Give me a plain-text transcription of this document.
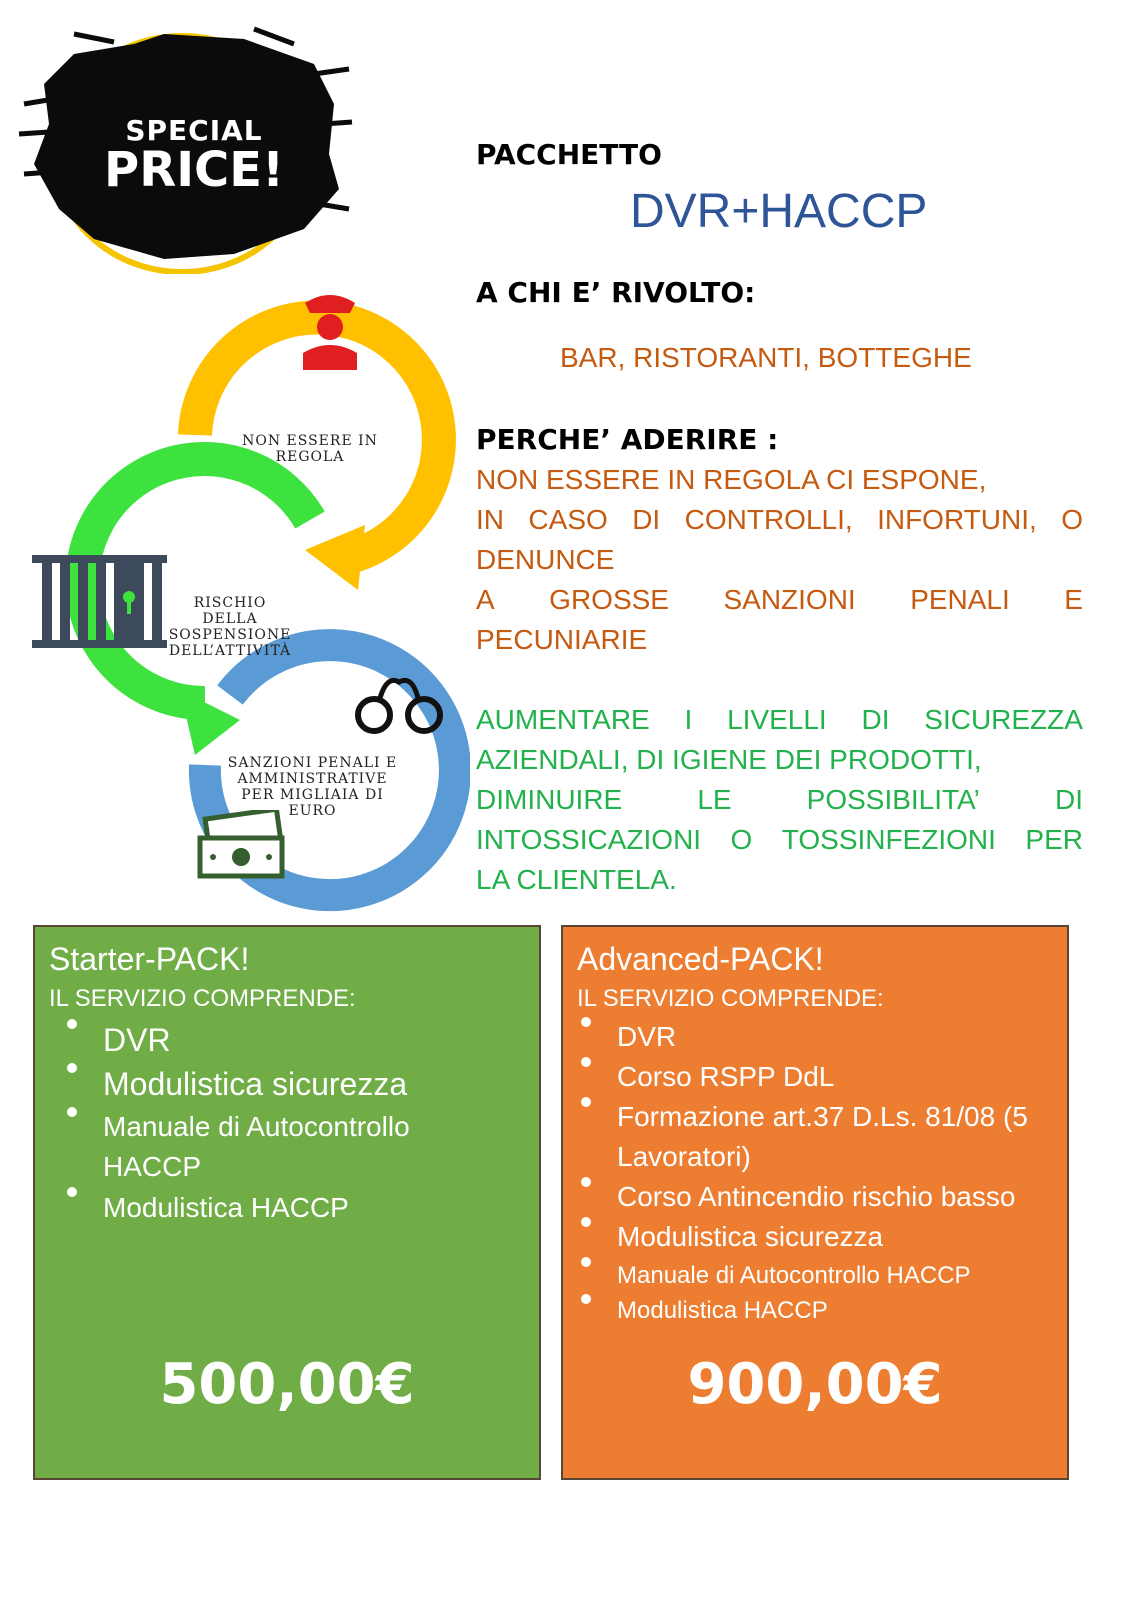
SPECIAL
PRICE!	PACCHETTO
DVR+HACCP
A CHI E’ RIVOLTO:
BAR, RISTORANTI, BOTTEGHE
PERCHE’ ADERIRE :
NON ESSERE IN REGOLA CI ESPONE,
IN CASO DI CONTROLLI, INFORTUNI, O
DENUNCE
A GROSSE SANZIONI PENALI E
PECUNIARIE
AUMENTARE I LIVELLI DI SICUREZZA
AZIENDALI, DI IGIENE DEI PRODOTTI,
DIMINUIRE	LE	POSSIBILITA’	DI
INTOSSICAZIONI O TOSSINFEZIONI PER
LA CLIENTELA.
NON ESSERE IN REGOLA
RISCHIO DELLA SOSPENSIONE DELL’ATTIVITÀ
SANZIONI PENALI E AMMINISTRATIVE PER MIGLIAIA DI EURO
Starter-PACK!
IL SERVIZIO COMPRENDE:
DVR
Modulistica sicurezza
Manuale di Autocontrollo HACCP
Modulistica HACCP
500,00€
Advanced-PACK!
IL SERVIZIO COMPRENDE:
DVR
Corso RSPP DdL
Formazione art.37 D.Ls. 81/08 (5 Lavoratori)
Corso Antincendio rischio basso
Modulistica sicurezza
Manuale di Autocontrollo HACCP
Modulistica HACCP
900,00€
